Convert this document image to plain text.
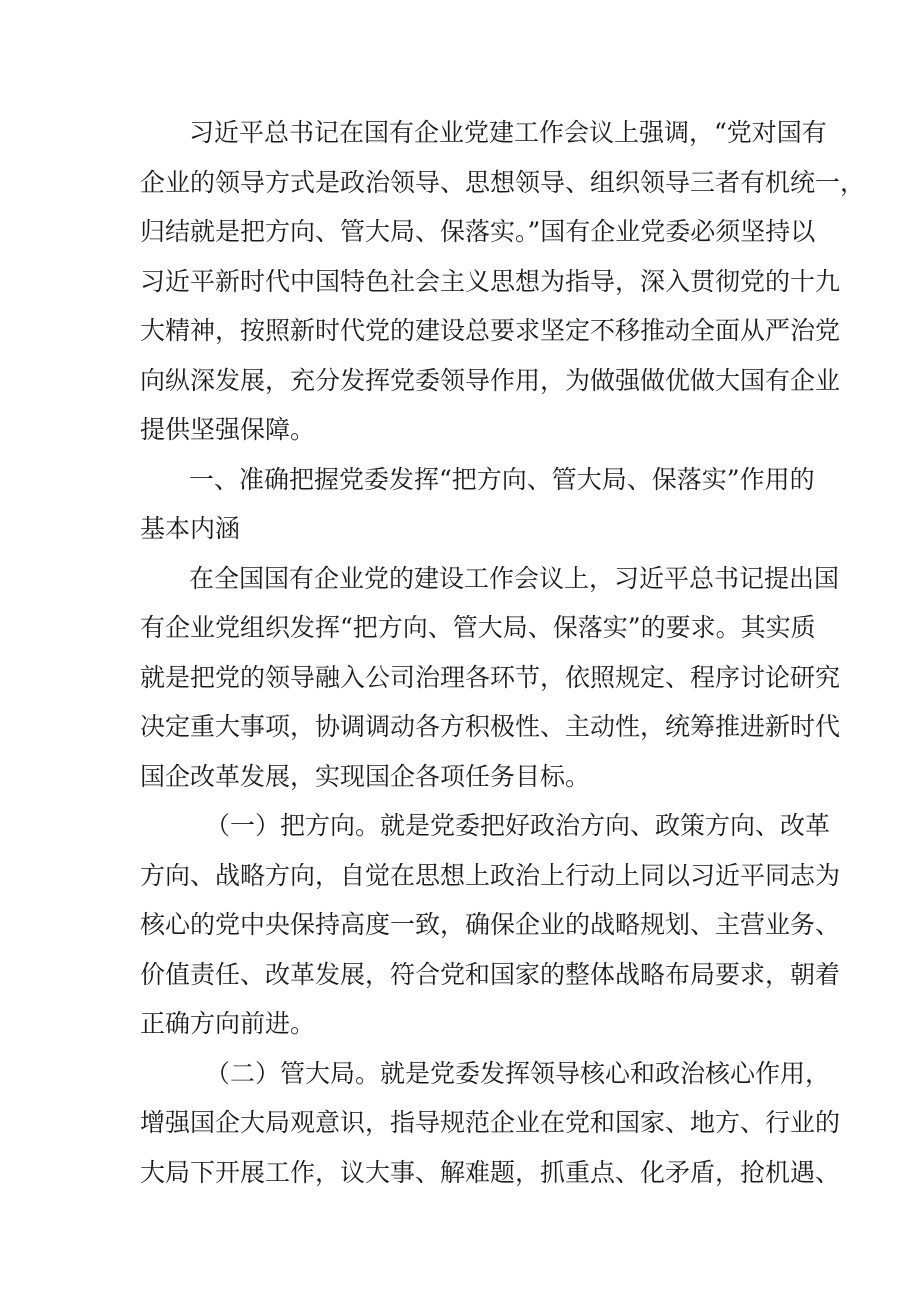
习近平总书记在国有企业党建工作会议上强调，“党对国有
企业的领导方式是政治领导、思想领导、组织领导三者有机统一，
归结就是把方向、管大局、保落实。”国有企业党委必须坚持以
习近平新时代中国特色社会主义思想为指导，深入贯彻党的十九
大精神，按照新时代党的建设总要求坚定不移推动全面从严治党
向纵深发展，充分发挥党委领导作用，为做强做优做大国有企业
提供坚强保障。
一、准确把握党委发挥“把方向、管大局、保落实”作用的
基本内涵
在全国国有企业党的建设工作会议上，习近平总书记提出国
有企业党组织发挥“把方向、管大局、保落实”的要求。其实质
就是把党的领导融入公司治理各环节，依照规定、程序讨论研究
决定重大事项，协调调动各方积极性、主动性，统筹推进新时代
国企改革发展，实现国企各项任务目标。
（一）把方向。就是党委把好政治方向、政策方向、改革
方向、战略方向，自觉在思想上政治上行动上同以习近平同志为
核心的党中央保持高度一致，确保企业的战略规划、主营业务、
价值责任、改革发展，符合党和国家的整体战略布局要求，朝着
正确方向前进。
（二）管大局。就是党委发挥领导核心和政治核心作用，
增强国企大局观意识，指导规范企业在党和国家、地方、行业的
大局下开展工作，议大事、解难题，抓重点、化矛盾，抢机遇、
